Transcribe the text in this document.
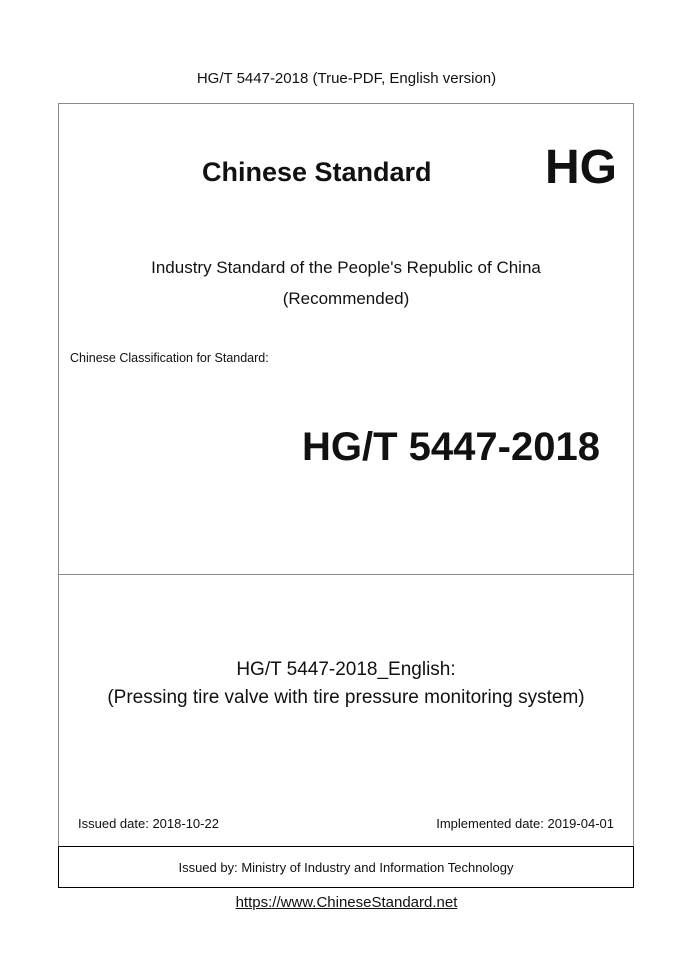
HG/T 5447-2018 (True-PDF, English version)
Chinese Standard HG
Industry Standard of the People's Republic of China
(Recommended)
Chinese Classification for Standard:
HG/T 5447-2018
HG/T 5447-2018_English:
(Pressing tire valve with tire pressure monitoring system)
Issued date: 2018-10-22	Implemented date: 2019-04-01
Issued by: Ministry of Industry and Information Technology
https://www.ChineseStandard.net
